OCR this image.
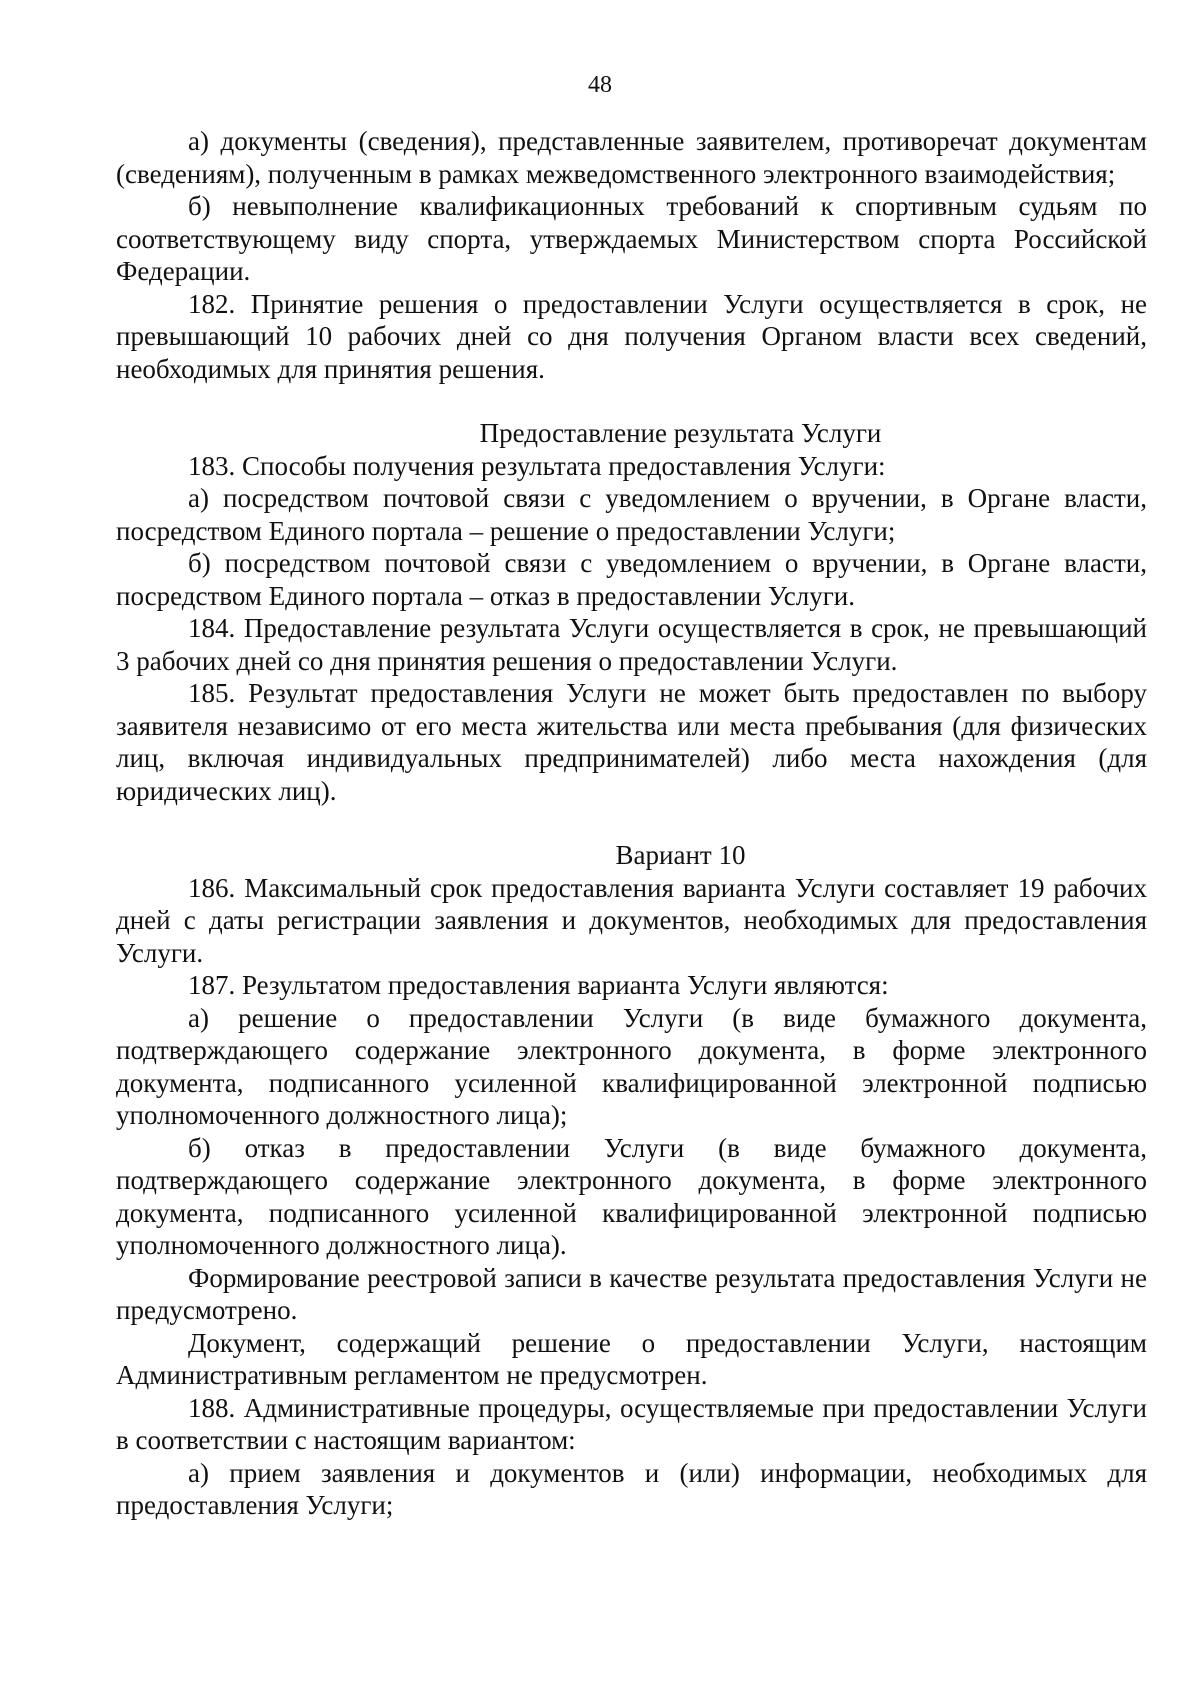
48

а) документы (сведения), представленные заявителем, противоречат документам (сведениям), полученным в рамках межведомственного электронного взаимодействия;

б) невыполнение квалификационных требований к спортивным судьям по соответствующему виду спорта, утверждаемых Министерством спорта Российской Федерации.

182. Принятие решения о предоставлении Услуги осуществляется в срок, не превышающий 10 рабочих дней со дня получения Органом власти всех сведений, необходимых для принятия решения.

Предоставление результата Услуги

183. Способы получения результата предоставления Услуги:

а) посредством почтовой связи с уведомлением о вручении, в Органе власти, посредством Единого портала – решение о предоставлении Услуги;

б) посредством почтовой связи с уведомлением о вручении, в Органе власти, посредством Единого портала – отказ в предоставлении Услуги.

184. Предоставление результата Услуги осуществляется в срок, не превышающий 3 рабочих дней со дня принятия решения о предоставлении Услуги.

185. Результат предоставления Услуги не может быть предоставлен по выбору заявителя независимо от его места жительства или места пребывания (для физических лиц, включая индивидуальных предпринимателей) либо места нахождения (для юридических лиц).

Вариант 10

186. Максимальный срок предоставления варианта Услуги составляет 19 рабочих дней с даты регистрации заявления и документов, необходимых для предоставления Услуги.

187. Результатом предоставления варианта Услуги являются:

а) решение о предоставлении Услуги (в виде бумажного документа, подтверждающего содержание электронного документа, в форме электронного документа, подписанного усиленной квалифицированной электронной подписью уполномоченного должностного лица);

б) отказ в предоставлении Услуги (в виде бумажного документа, подтверждающего содержание электронного документа, в форме электронного документа, подписанного усиленной квалифицированной электронной подписью уполномоченного должностного лица).

Формирование реестровой записи в качестве результата предоставления Услуги не предусмотрено.

Документ, содержащий решение о предоставлении Услуги, настоящим Административным регламентом не предусмотрен.

188. Административные процедуры, осуществляемые при предоставлении Услуги в соответствии с настоящим вариантом:

а) прием заявления и документов и (или) информации, необходимых для предоставления Услуги;
